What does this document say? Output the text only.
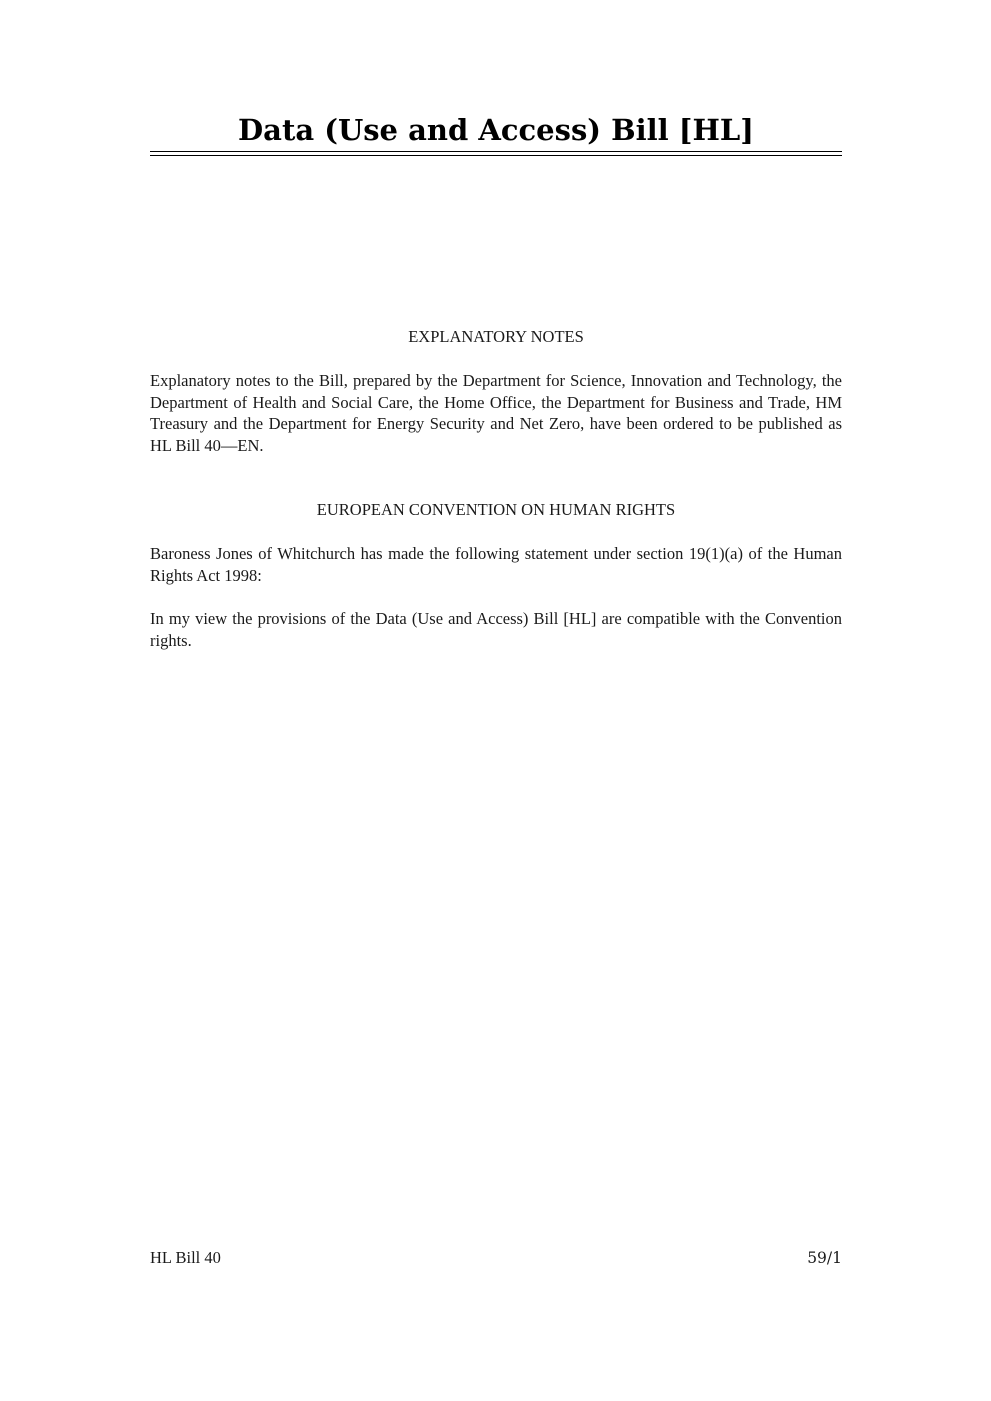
Data (Use and Access) Bill [HL]
EXPLANATORY NOTES

Explanatory notes to the Bill, prepared by the Department for Science, Innovation and Technology, the Department of Health and Social Care, the Home Office, the Department for Business and Trade, HM Treasury and the Department for Energy Security and Net Zero, have been ordered to be published as HL Bill 40—EN.

EUROPEAN CONVENTION ON HUMAN RIGHTS

Baroness Jones of Whitchurch has made the following statement under section 19(1)(a) of the Human Rights Act 1998:

In my view the provisions of the Data (Use and Access) Bill [HL] are compatible with the Convention rights.

HL Bill 40	59/1
